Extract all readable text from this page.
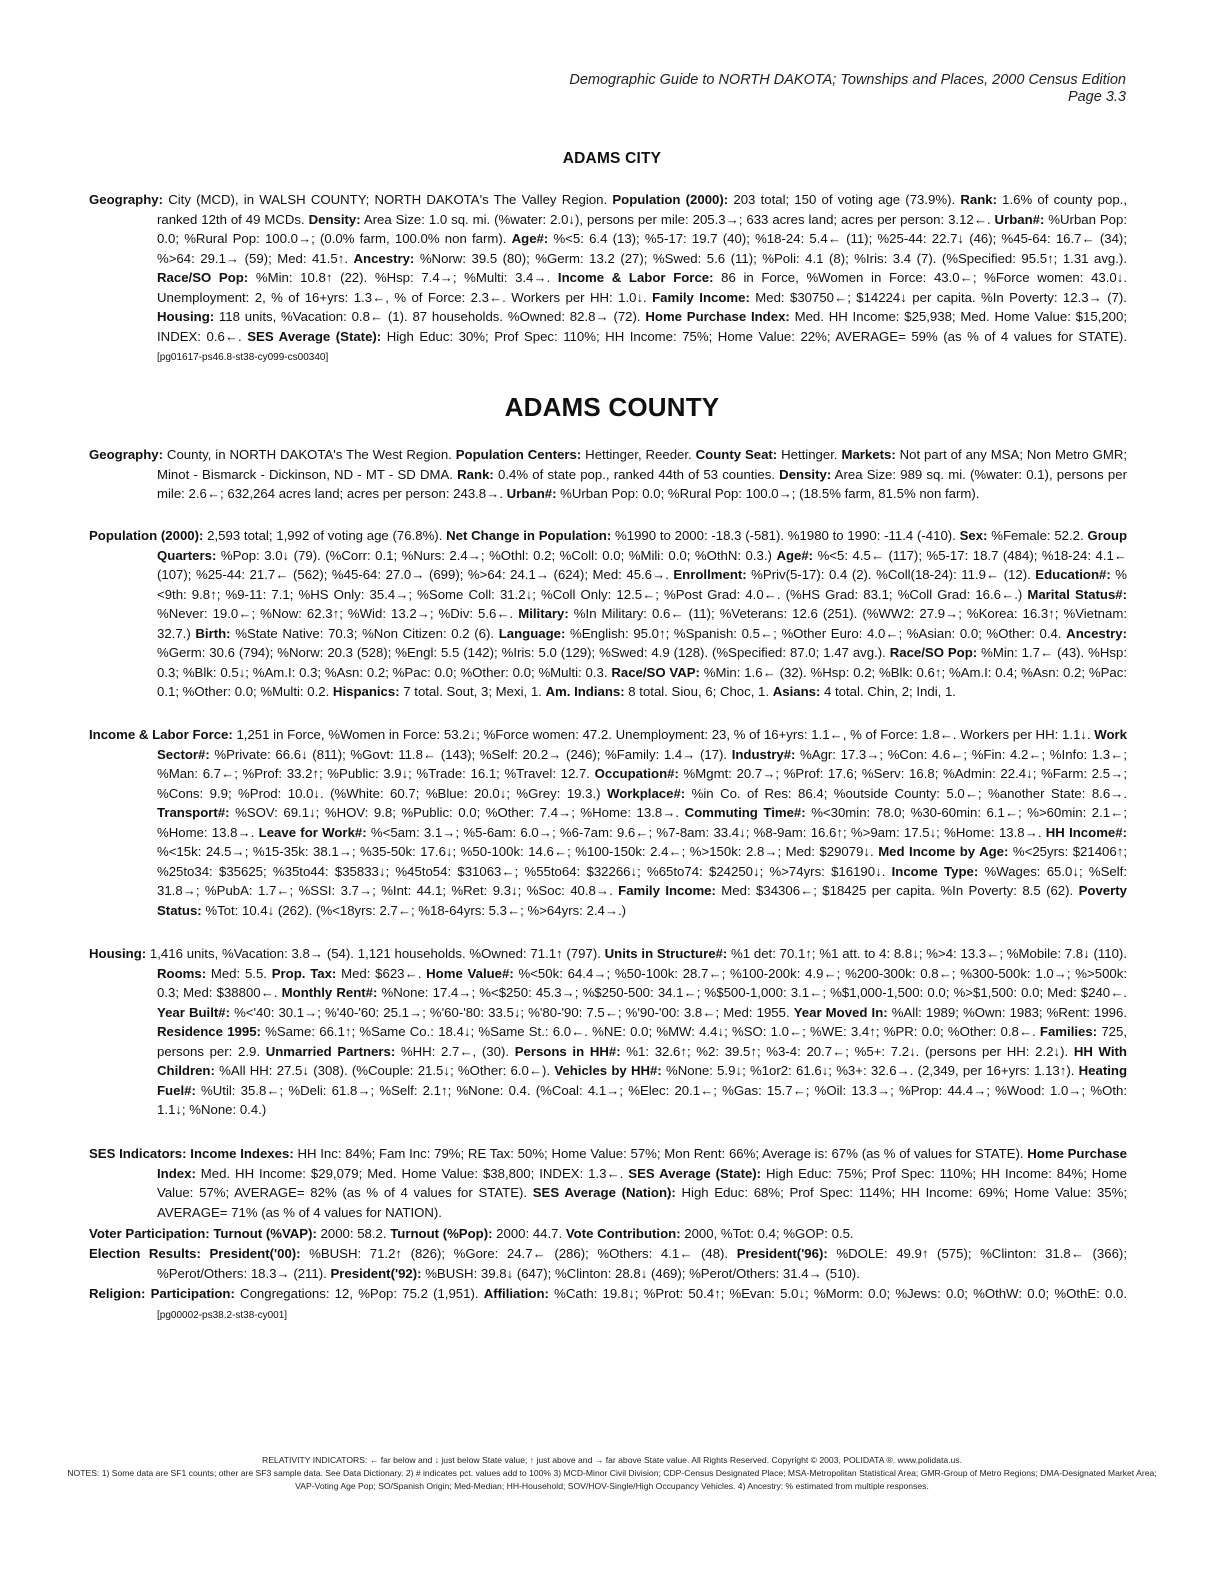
Demographic Guide to NORTH DAKOTA; Townships and Places, 2000 Census Edition
Page 3.3
ADAMS CITY
Geography: City (MCD), in WALSH COUNTY; NORTH DAKOTA's The Valley Region. Population (2000): 203 total; 150 of voting age (73.9%). Rank: 1.6% of county pop., ranked 12th of 49 MCDs. Density: Area Size: 1.0 sq. mi. (%water: 2.0↓), persons per mile: 205.3→; 633 acres land; acres per person: 3.12←. Urban#: %Urban Pop: 0.0; %Rural Pop: 100.0→; (0.0% farm, 100.0% non farm). Age#: %<5: 6.4 (13); %5-17: 19.7 (40); %18-24: 5.4← (11); %25-44: 22.7↓ (46); %45-64: 16.7← (34); %>64: 29.1→ (59); Med: 41.5↑. Ancestry: %Norw: 39.5 (80); %Germ: 13.2 (27); %Swed: 5.6 (11); %Poli: 4.1 (8); %Iris: 3.4 (7). (%Specified: 95.5↑; 1.31 avg.). Race/SO Pop: %Min: 10.8↑ (22). %Hsp: 7.4→; %Multi: 3.4→. Income & Labor Force: 86 in Force, %Women in Force: 43.0←; %Force women: 43.0↓. Unemployment: 2, % of 16+yrs: 1.3←, % of Force: 2.3←. Workers per HH: 1.0↓. Family Income: Med: $30750←; $14224↓ per capita. %In Poverty: 12.3→ (7). Housing: 118 units, %Vacation: 0.8← (1). 87 households. %Owned: 82.8→ (72). Home Purchase Index: Med. HH Income: $25,938; Med. Home Value: $15,200; INDEX: 0.6←. SES Average (State): High Educ: 30%; Prof Spec: 110%; HH Income: 75%; Home Value: 22%; AVERAGE= 59% (as % of 4 values for STATE). [pg01617-ps46.8-st38-cy099-cs00340]
ADAMS COUNTY
Geography: County, in NORTH DAKOTA's The West Region. Population Centers: Hettinger, Reeder. County Seat: Hettinger. Markets: Not part of any MSA; Non Metro GMR; Minot - Bismarck - Dickinson, ND - MT - SD DMA. Rank: 0.4% of state pop., ranked 44th of 53 counties. Density: Area Size: 989 sq. mi. (%water: 0.1), persons per mile: 2.6←; 632,264 acres land; acres per person: 243.8→. Urban#: %Urban Pop: 0.0; %Rural Pop: 100.0→; (18.5% farm, 81.5% non farm).
Population (2000): 2,593 total; 1,992 of voting age (76.8%). Net Change in Population: %1990 to 2000: -18.3 (-581). %1980 to 1990: -11.4 (-410). Sex: %Female: 52.2. Group Quarters: %Pop: 3.0↓ (79). (%Corr: 0.1; %Nurs: 2.4→; %Othl: 0.2; %Coll: 0.0; %Mili: 0.0; %OthN: 0.3.) Age#: %<5: 4.5← (117); %5-17: 18.7 (484); %18-24: 4.1← (107); %25-44: 21.7← (562); %45-64: 27.0→ (699); %>64: 24.1→ (624); Med: 45.6→. Enrollment: %Priv(5-17): 0.4 (2). %Coll(18-24): 11.9← (12). Education#: %<9th: 9.8↑; %9-11: 7.1; %HS Only: 35.4→; %Some Coll: 31.2↓; %Coll Only: 12.5←; %Post Grad: 4.0←. (%HS Grad: 83.1; %Coll Grad: 16.6←.) Marital Status#: %Never: 19.0←; %Now: 62.3↑; %Wid: 13.2→; %Div: 5.6←. Military: %In Military: 0.6← (11); %Veterans: 12.6 (251). (%WW2: 27.9→; %Korea: 16.3↑; %Vietnam: 32.7.) Birth: %State Native: 70.3; %Non Citizen: 0.2 (6). Language: %English: 95.0↑; %Spanish: 0.5←; %Other Euro: 4.0←; %Asian: 0.0; %Other: 0.4. Ancestry: %Germ: 30.6 (794); %Norw: 20.3 (528); %Engl: 5.5 (142); %Iris: 5.0 (129); %Swed: 4.9 (128). (%Specified: 87.0; 1.47 avg.). Race/SO Pop: %Min: 1.7← (43). %Hsp: 0.3; %Blk: 0.5↓; %Am.I: 0.3; %Asn: 0.2; %Pac: 0.0; %Other: 0.0; %Multi: 0.3. Race/SO VAP: %Min: 1.6← (32). %Hsp: 0.2; %Blk: 0.6↑; %Am.I: 0.4; %Asn: 0.2; %Pac: 0.1; %Other: 0.0; %Multi: 0.2. Hispanics: 7 total. Sout, 3; Mexi, 1. Am. Indians: 8 total. Siou, 6; Choc, 1. Asians: 4 total. Chin, 2; Indi, 1.
Income & Labor Force: 1,251 in Force, %Women in Force: 53.2↓; %Force women: 47.2. Unemployment: 23, % of 16+yrs: 1.1←, % of Force: 1.8←. Workers per HH: 1.1↓. Work Sector#: %Private: 66.6↓ (811); %Govt: 11.8← (143); %Self: 20.2→ (246); %Family: 1.4→ (17). Industry#: %Agr: 17.3→; %Con: 4.6←; %Fin: 4.2←; %Info: 1.3←; %Man: 6.7←; %Prof: 33.2↑; %Public: 3.9↓; %Trade: 16.1; %Travel: 12.7. Occupation#: %Mgmt: 20.7→; %Prof: 17.6; %Serv: 16.8; %Admin: 22.4↓; %Farm: 2.5→; %Cons: 9.9; %Prod: 10.0↓. (%White: 60.7; %Blue: 20.0↓; %Grey: 19.3.) Workplace#: %in Co. of Res: 86.4; %outside County: 5.0←; %another State: 8.6→. Transport#: %SOV: 69.1↓; %HOV: 9.8; %Public: 0.0; %Other: 7.4→; %Home: 13.8→. Commuting Time#: %<30min: 78.0; %30-60min: 6.1←; %>60min: 2.1←; %Home: 13.8→. Leave for Work#: %<5am: 3.1→; %5-6am: 6.0→; %6-7am: 9.6←; %7-8am: 33.4↓; %8-9am: 16.6↑; %>9am: 17.5↓; %Home: 13.8→. HH Income#: %<15k: 24.5→; %15-35k: 38.1→; %35-50k: 17.6↓; %50-100k: 14.6←; %100-150k: 2.4←; %>150k: 2.8→; Med: $29079↓. Med Income by Age: %<25yrs: $21406↑; %25to34: $35625; %35to44: $35833↓; %45to54: $31063←; %55to64: $32266↓; %65to74: $24250↓; %>74yrs: $16190↓. Income Type: %Wages: 65.0↓; %Self: 31.8→; %PubA: 1.7←; %SSI: 3.7→; %Int: 44.1; %Ret: 9.3↓; %Soc: 40.8→. Family Income: Med: $34306←; $18425 per capita. %In Poverty: 8.5 (62). Poverty Status: %Tot: 10.4↓ (262). (%<18yrs: 2.7←; %18-64yrs: 5.3←; %>64yrs: 2.4→.)
Housing: 1,416 units, %Vacation: 3.8→ (54). 1,121 households. %Owned: 71.1↑ (797). Units in Structure#: %1 det: 70.1↑; %1 att. to 4: 8.8↓; %>4: 13.3←; %Mobile: 7.8↓ (110). Rooms: Med: 5.5. Prop. Tax: Med: $623←. Home Value#: %<50k: 64.4→; %50-100k: 28.7←; %100-200k: 4.9←; %200-300k: 0.8←; %300-500k: 1.0→; %>500k: 0.3; Med: $38800←. Monthly Rent#: %None: 17.4→; %<$250: 45.3→; %$250-500: 34.1←; %$500-1,000: 3.1←; %$1,000-1,500: 0.0; %>$1,500: 0.0; Med: $240←. Year Built#: %<'40: 30.1→; %'40-'60: 25.1→; %'60-'80: 33.5↓; %'80-'90: 7.5←; %'90-'00: 3.8←; Med: 1955. Year Moved In: %All: 1989; %Own: 1983; %Rent: 1996. Residence 1995: %Same: 66.1↑; %Same Co.: 18.4↓; %Same St.: 6.0←. %NE: 0.0; %MW: 4.4↓; %SO: 1.0←; %WE: 3.4↑; %PR: 0.0; %Other: 0.8←. Families: 725, persons per: 2.9. Unmarried Partners: %HH: 2.7←, (30). Persons in HH#: %1: 32.6↑; %2: 39.5↑; %3-4: 20.7←; %5+: 7.2↓. (persons per HH: 2.2↓). HH With Children: %All HH: 27.5↓ (308). (%Couple: 21.5↓; %Other: 6.0←). Vehicles by HH#: %None: 5.9↓; %1or2: 61.6↓; %3+: 32.6→. (2,349, per 16+yrs: 1.13↑). Heating Fuel#: %Util: 35.8←; %Deli: 61.8→; %Self: 2.1↑; %None: 0.4. (%Coal: 4.1→; %Elec: 20.1←; %Gas: 15.7←; %Oil: 13.3→; %Prop: 44.4→; %Wood: 1.0→; %Oth: 1.1↓; %None: 0.4.)
SES Indicators: Income Indexes: HH Inc: 84%; Fam Inc: 79%; RE Tax: 50%; Home Value: 57%; Mon Rent: 66%; Average is: 67% (as % of values for STATE). Home Purchase Index: Med. HH Income: $29,079; Med. Home Value: $38,800; INDEX: 1.3←. SES Average (State): High Educ: 75%; Prof Spec: 110%; HH Income: 84%; Home Value: 57%; AVERAGE= 82% (as % of 4 values for STATE). SES Average (Nation): High Educ: 68%; Prof Spec: 114%; HH Income: 69%; Home Value: 35%; AVERAGE= 71% (as % of 4 values for NATION).
Voter Participation: Turnout (%VAP): 2000: 58.2. Turnout (%Pop): 2000: 44.7. Vote Contribution: 2000, %Tot: 0.4; %GOP: 0.5.
Election Results: President('00): %BUSH: 71.2↑ (826); %Gore: 24.7← (286); %Others: 4.1← (48). President('96): %DOLE: 49.9↑ (575); %Clinton: 31.8← (366); %Perot/Others: 18.3→ (211). President('92): %BUSH: 39.8↓ (647); %Clinton: 28.8↓ (469); %Perot/Others: 31.4→ (510).
Religion: Participation: Congregations: 12, %Pop: 75.2 (1,951). Affiliation: %Cath: 19.8↓; %Prot: 50.4↑; %Evan: 5.0↓; %Morm: 0.0; %Jews: 0.0; %OthW: 0.0; %OthE: 0.0. [pg00002-ps38.2-st38-cy001]
RELATIVITY INDICATORS: ← far below and ↓ just below State value; ↑ just above and → far above State value. All Rights Reserved. Copyright © 2003, POLIDATA ®. www.polidata.us.
NOTES: 1) Some data are SF1 counts; other are SF3 sample data. See Data Dictionary. 2) # indicates pct. values add to 100% 3) MCD-Minor Civil Division; CDP-Census Designated Place; MSA-Metropolitan Statistical Area; GMR-Group of Metro Regions; DMA-Designated Market Area; VAP-Voting Age Pop; SO/Spanish Origin; Med-Median; HH-Household; SOV/HOV-Single/High Occupancy Vehicles. 4) Ancestry: % estimated from multiple responses.
